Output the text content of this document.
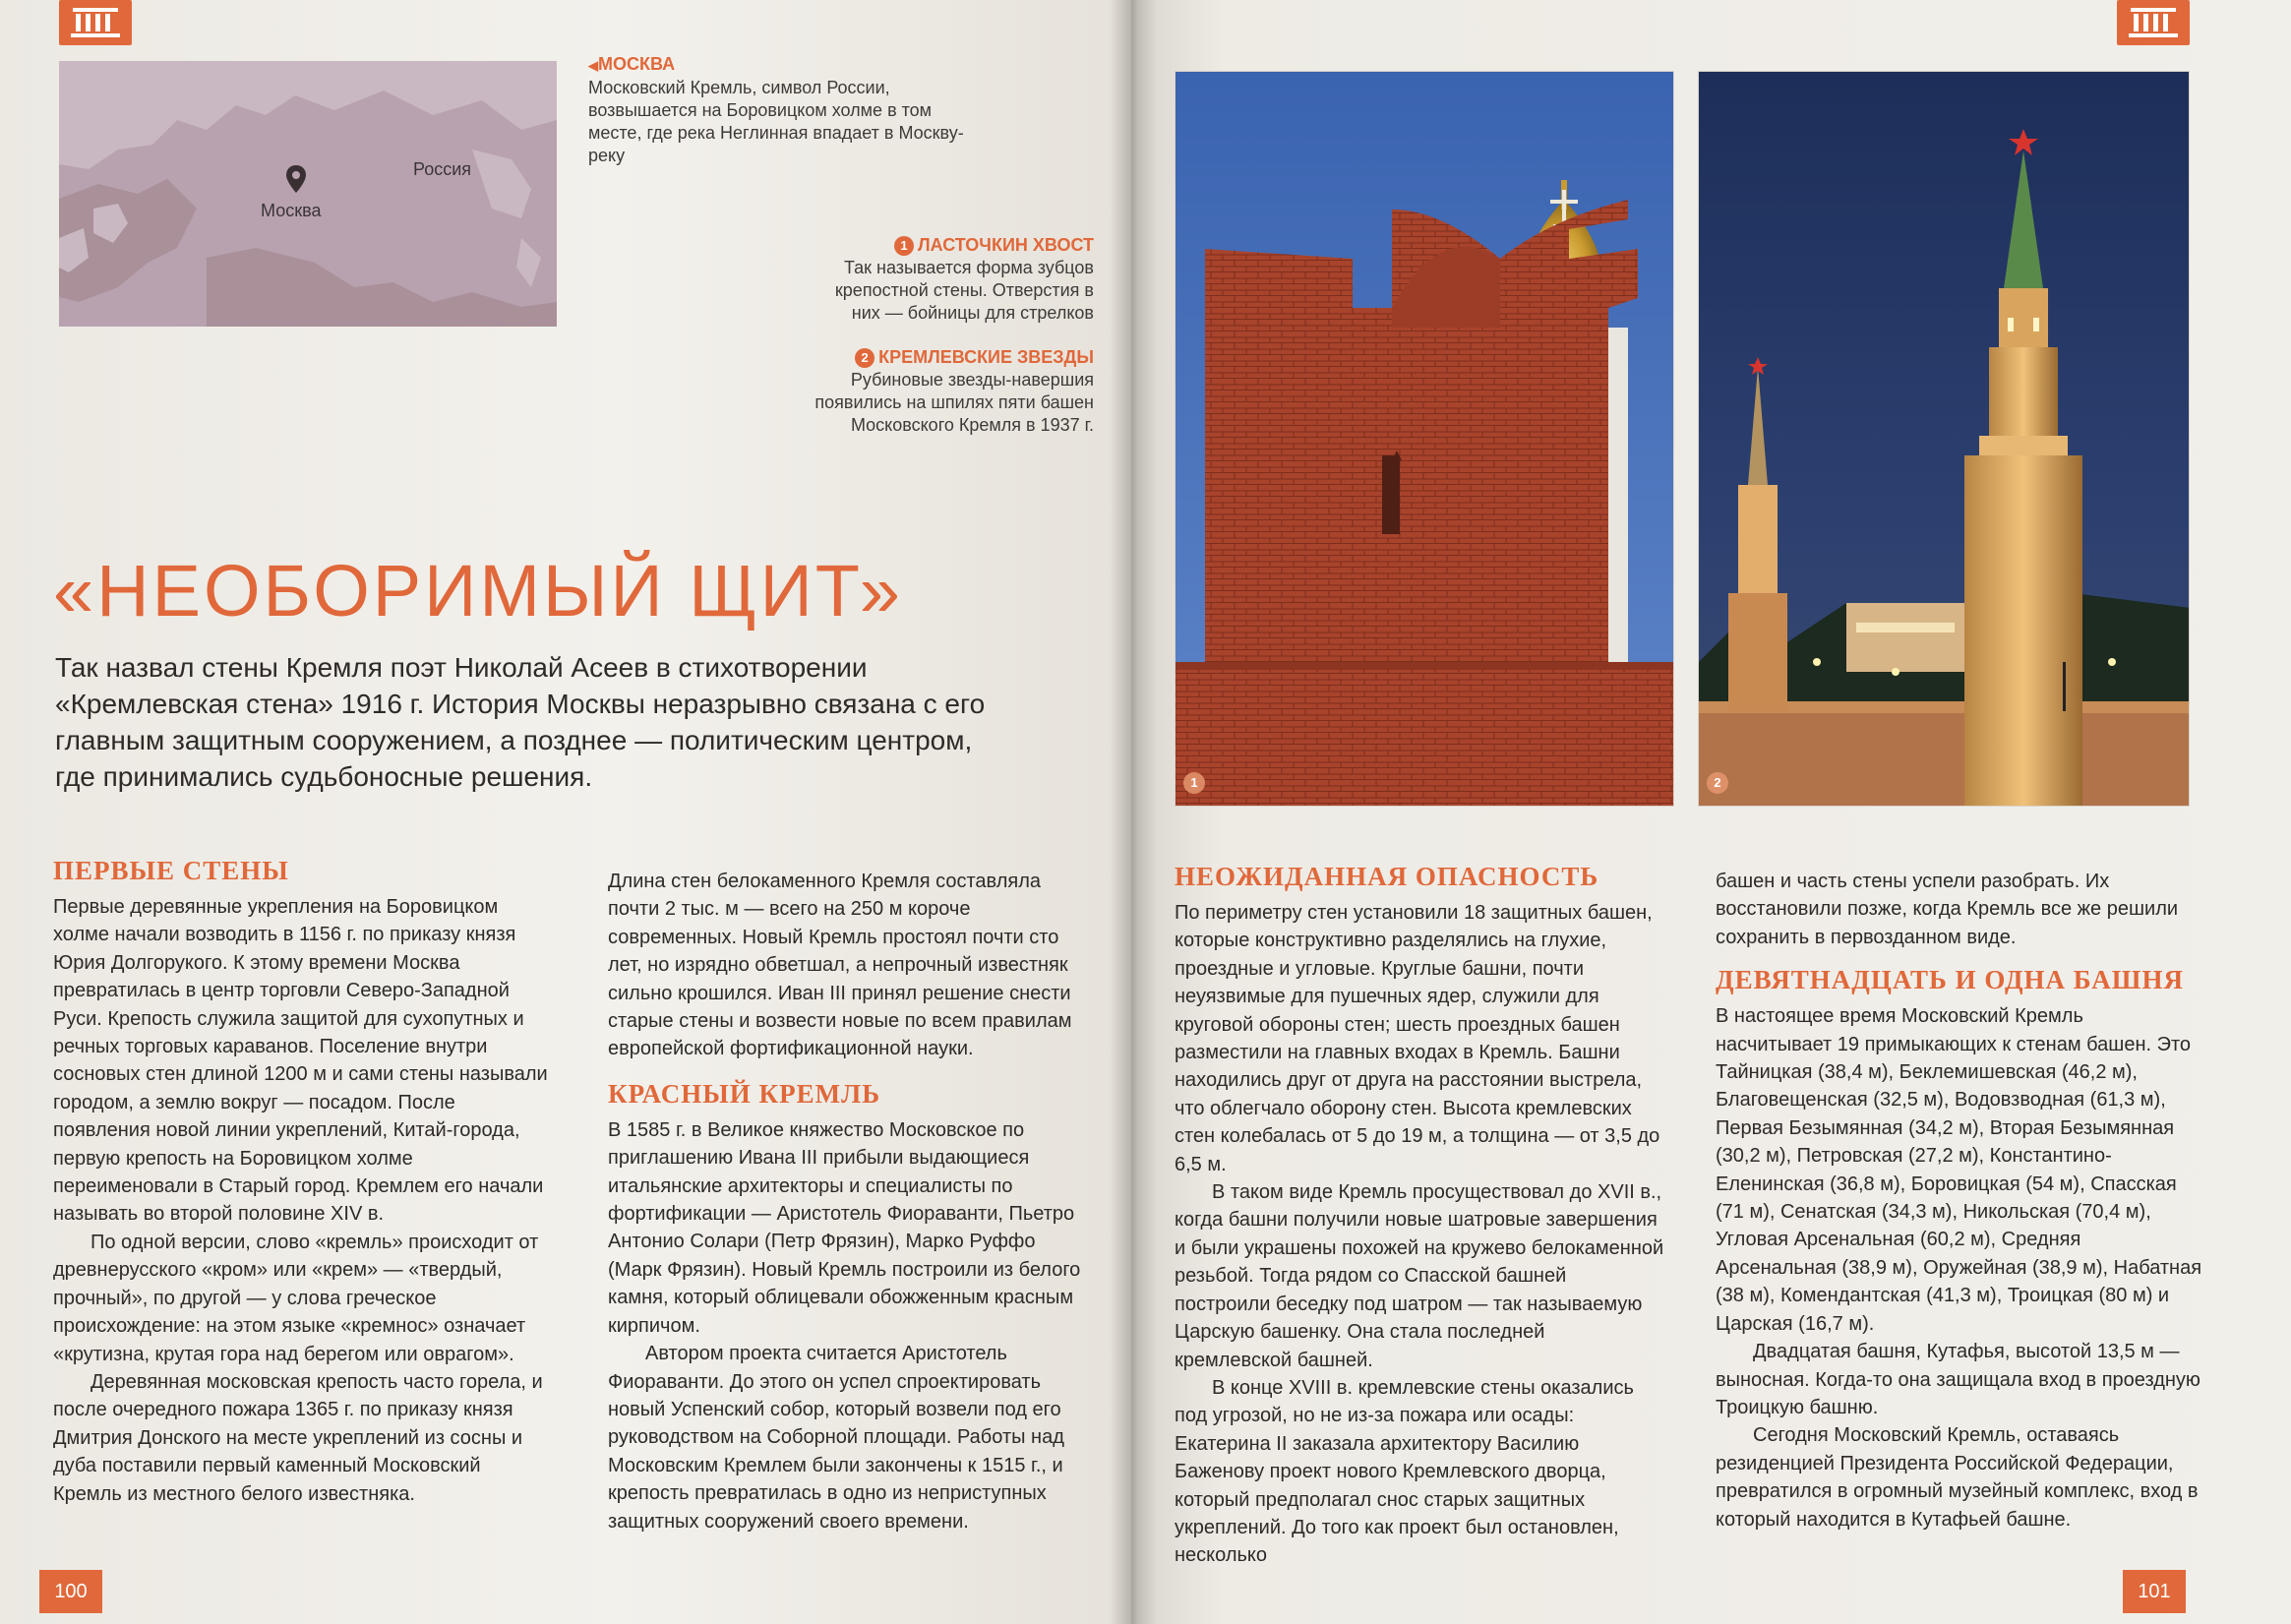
Россия
Москва
◀МОСКВА
Московский Кремль, символ России, возвышается на Боровицком холме в том месте, где река Неглинная впадает в Москву-реку
1 ЛАСТОЧКИН ХВОСТ
Так называется форма зубцов крепостной стены. Отверстия в них — бойницы для стрелков
2 КРЕМЛЕВСКИЕ ЗВЕЗДЫ
Рубиновые звезды-навершия появились на шпилях пяти башен Московского Кремля в 1937 г.
«НЕОБОРИМЫЙ ЩИТ»
Так назвал стены Кремля поэт Николай Асеев в стихотворении «Кремлевская стена» 1916 г. История Москвы неразрывно связана с его главным защитным сооружением, а позднее — политическим центром, где принимались судьбоносные решения.
ПЕРВЫЕ СТЕНЫ

Первые деревянные укрепления на Боровицком холме начали возводить в 1156 г. по приказу князя Юрия Долгорукого. К этому времени Москва превратилась в центр торговли Северо-Западной Руси. Крепость служила защитой для сухопутных и речных торговых караванов. Поселение внутри сосновых стен длиной 1200 м и сами стены называли городом, а землю вокруг — посадом. После появления новой линии укреплений, Китай-города, первую крепость на Боровицком холме переименовали в Старый город. Кремлем его начали называть во второй половине XIV в.

По одной версии, слово «кремль» происходит от древнерусского «кром» или «крем» — «твердый, прочный», по другой — у слова греческое происхождение: на этом языке «кремнос» означает «крутизна, крутая гора над берегом или оврагом».

Деревянная московская крепость часто горела, и после очередного пожара 1365 г. по приказу князя Дмитрия Донского на месте укреплений из сосны и дуба поставили первый каменный Московский Кремль из местного белого известняка.

Длина стен белокаменного Кремля составляла почти 2 тыс. м — всего на 250 м короче современных. Новый Кремль простоял почти сто лет, но изрядно обветшал, а непрочный известняк сильно крошился. Иван III принял решение снести старые стены и возвести новые по всем правилам европейской фортификационной науки.

КРАСНЫЙ КРЕМЛЬ

В 1585 г. в Великое княжество Московское по приглашению Ивана III прибыли выдающиеся итальянские архитекторы и специалисты по фортификации — Аристотель Фиораванти, Пьетро Антонио Солари (Петр Фрязин), Марко Руффо (Марк Фрязин). Новый Кремль построили из белого камня, который облицевали обожженным красным кирпичом.

Автором проекта считается Аристотель Фиораванти. До этого он успел спроектировать новый Успенский собор, который возвели под его руководством на Соборной площади. Работы над Московским Кремлем были закончены к 1515 г., и крепость превратилась в одно из неприступных защитных сооружений своего времени.

100
1	2
НЕОЖИДАННАЯ ОПАСНОСТЬ

По периметру стен установили 18 защитных башен, которые конструктивно разделялись на глухие, проездные и угловые. Круглые башни, почти неуязвимые для пушечных ядер, служили для круговой обороны стен; шесть проездных башен разместили на главных входах в Кремль. Башни находились друг от друга на расстоянии выстрела, что облегчало оборону стен. Высота кремлевских стен колебалась от 5 до 19 м, а толщина — от 3,5 до 6,5 м.

В таком виде Кремль просуществовал до XVII в., когда башни получили новые шатровые завершения и были украшены похожей на кружево белокаменной резьбой. Тогда рядом со Спасской башней построили беседку под шатром — так называемую Царскую башенку. Она стала последней кремлевской башней.

В конце XVIII в. кремлевские стены оказались под угрозой, но не из-за пожара или осады: Екатерина II заказала архитектору Василию Баженову проект нового Кремлевского дворца, который предполагал снос старых защитных укреплений. До того как проект был остановлен, несколько

башен и часть стены успели разобрать. Их восстановили позже, когда Кремль все же решили сохранить в первозданном виде.

ДЕВЯТНАДЦАТЬ И ОДНА БАШНЯ

В настоящее время Московский Кремль насчитывает 19 примыкающих к стенам башен. Это Тайницкая (38,4 м), Беклемишевская (46,2 м), Благовещенская (32,5 м), Водовзводная (61,3 м), Первая Безымянная (34,2 м), Вторая Безымянная (30,2 м), Петровская (27,2 м), Константино-Еленинская (36,8 м), Боровицкая (54 м), Спасская (71 м), Сенатская (34,3 м), Никольская (70,4 м), Угловая Арсенальная (60,2 м), Средняя Арсенальная (38,9 м), Оружейная (38,9 м), Набатная (38 м), Комендантская (41,3 м), Троицкая (80 м) и Царская (16,7 м).

Двадцатая башня, Кутафья, высотой 13,5 м — выносная. Когда-то она защищала вход в проездную Троицкую башню.

Сегодня Московский Кремль, оставаясь резиденцией Президента Российской Федерации, превратился в огромный музейный комплекс, вход в который находится в Кутафьей башне.

101
